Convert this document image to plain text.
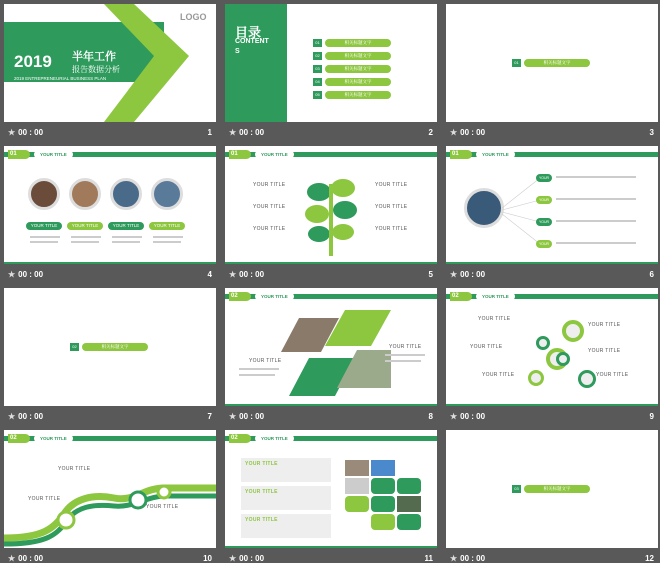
2019 半年工作
报告数据分析
2019 ENTREPRENEURIAL BUSINESS PLAN
LOGO
★ 00 : 00	1
目录
CONTENT
S
01	相关标题文字
02	相关标题文字
03	相关标题文字
04	相关标题文字
05	相关标题文字
★ 00 : 00	2
01	相关标题文字
★ 00 : 00	3
01	YOUR TITLE
YOUR TITLE	YOUR TITLE	YOUR TITLE	YOUR TITLE
★ 00 : 00	4
01	YOUR TITLE
YOUR TITLE
YOUR TITLE
YOUR TITLE
YOUR TITLE
YOUR TITLE
YOUR TITLE
★ 00 : 00	5
01	YOUR TITLE
YOUR TITLE
YOUR TITLE
YOUR TITLE
YOUR TITLE
★ 00 : 00	6
02	相关标题文字
★ 00 : 00	7
02	YOUR TITLE
YOUR TITLE
YOUR TITLE
★ 00 : 00	8
02	YOUR TITLE
YOUR TITLE
YOUR TITLE
YOUR TITLE
YOUR TITLE
YOUR TITLE
YOUR TITLE
★ 00 : 00	9
02	YOUR TITLE
YOUR TITLE
YOUR TITLE
YOUR TITLE
★ 00 : 00	10
02	YOUR TITLE
YOUR TITLE
YOUR TITLE
YOUR TITLE
★ 00 : 00	11
03	相关标题文字
★ 00 : 00	12
